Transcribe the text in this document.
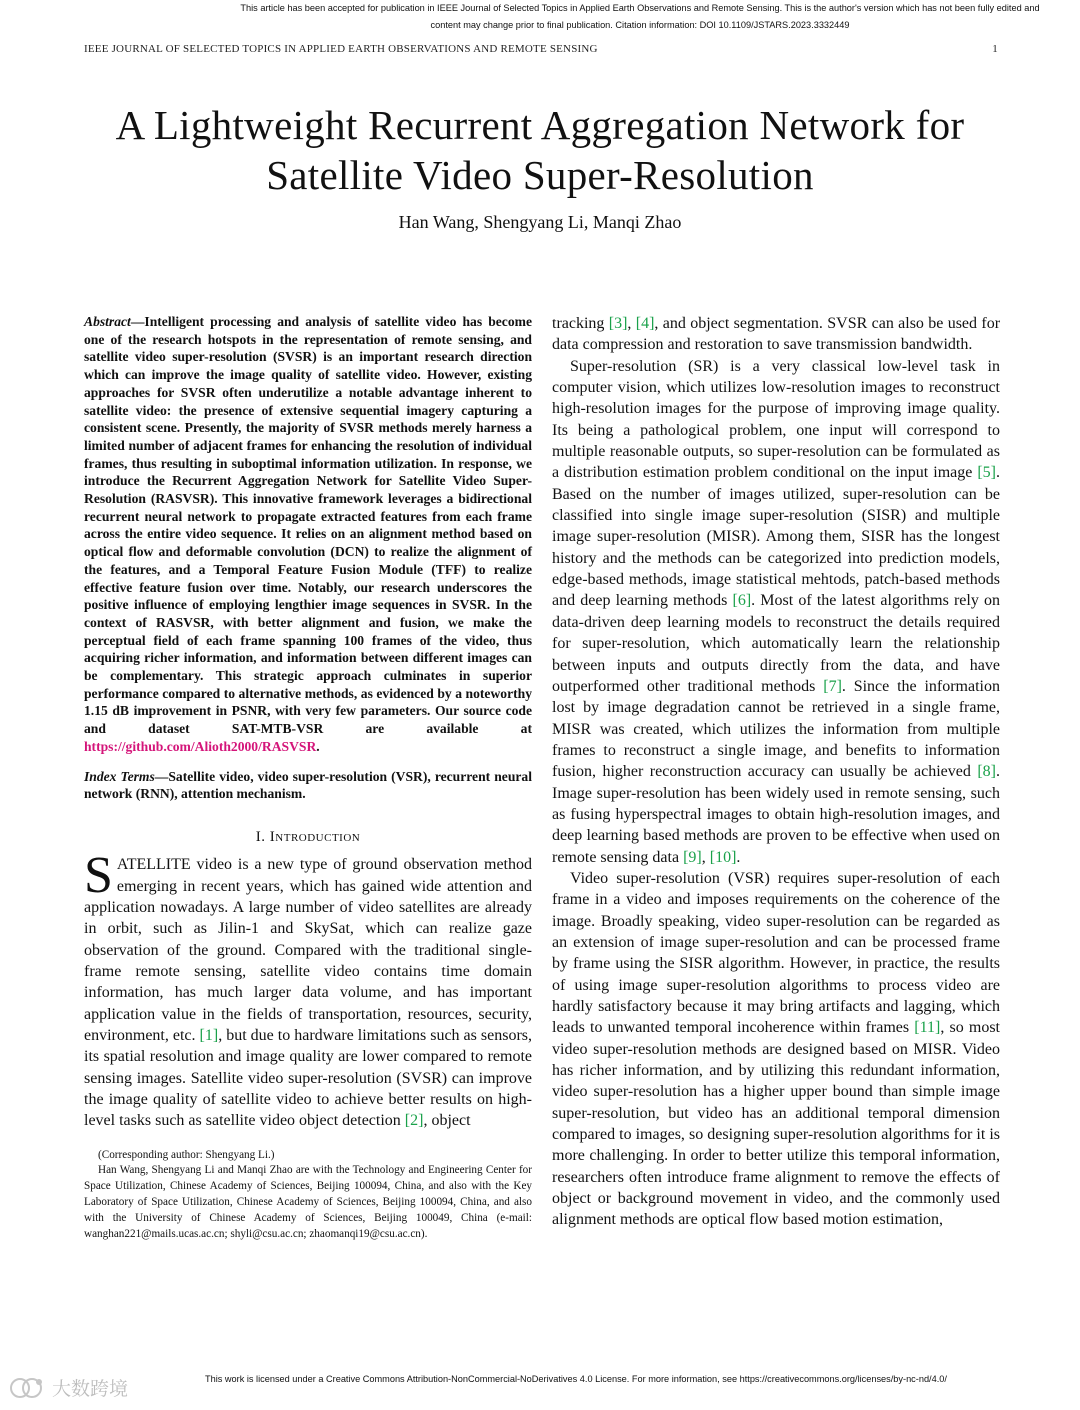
This article has been accepted for publication in IEEE Journal of Selected Topics in Applied Earth Observations and Remote Sensing. This is the author's version which has not been fully edited and
content may change prior to final publication. Citation information: DOI 10.1109/JSTARS.2023.3332449
IEEE JOURNAL OF SELECTED TOPICS IN APPLIED EARTH OBSERVATIONS AND REMOTE SENSING	1
A Lightweight Recurrent Aggregation Network for Satellite Video Super-Resolution
Han Wang, Shengyang Li, Manqi Zhao
Abstract—Intelligent processing and analysis of satellite video has become one of the research hotspots in the representation of remote sensing, and satellite video super-resolution (SVSR) is an important research direction which can improve the image quality of satellite video. However, existing approaches for SVSR often underutilize a notable advantage inherent to satellite video: the presence of extensive sequential imagery capturing a consistent scene. Presently, the majority of SVSR methods merely harness a limited number of adjacent frames for enhancing the resolution of individual frames, thus resulting in suboptimal information utilization. In response, we introduce the Recurrent Aggregation Network for Satellite Video Super-Resolution (RASVSR). This innovative framework leverages a bidirectional recurrent neural network to propagate extracted features from each frame across the entire video sequence. It relies on an alignment method based on optical flow and deformable convolution (DCN) to realize the alignment of the features, and a Temporal Feature Fusion Module (TFF) to realize effective feature fusion over time. Notably, our research underscores the positive influence of employing lengthier image sequences in SVSR. In the context of RASVSR, with better alignment and fusion, we make the perceptual field of each frame spanning 100 frames of the video, thus acquiring richer information, and information between different images can be complementary. This strategic approach culminates in superior performance compared to alternative methods, as evidenced by a noteworthy 1.15 dB improvement in PSNR, with very few parameters. Our source code and dataset SAT-MTB-VSR are available at https://github.com/Alioth2000/RASVSR.
Index Terms—Satellite video, video super-resolution (VSR), recurrent neural network (RNN), attention mechanism.
I. Introduction
SATELLITE video is a new type of ground observation method emerging in recent years, which has gained wide attention and application nowadays. A large number of video satellites are already in orbit, such as Jilin-1 and SkySat, which can realize gaze observation of the ground. Compared with the traditional single-frame remote sensing, satellite video contains time domain information, has much larger data volume, and has important application value in the fields of transportation, resources, security, environment, etc. [1], but due to hardware limitations such as sensors, its spatial resolution and image quality are lower compared to remote sensing images. Satellite video super-resolution (SVSR) can improve the image quality of satellite video to achieve better results on high-level tasks such as satellite video object detection [2], object
(Corresponding author: Shengyang Li.)
Han Wang, Shengyang Li and Manqi Zhao are with the Technology and Engineering Center for Space Utilization, Chinese Academy of Sciences, Beijing 100094, China, and also with the Key Laboratory of Space Utilization, Chinese Academy of Sciences, Beijing 100094, China, and also with the University of Chinese Academy of Sciences, Beijing 100049, China (e-mail: wanghan221@mails.ucas.ac.cn; shyli@csu.ac.cn; zhaomanqi19@csu.ac.cn).

tracking [3], [4], and object segmentation. SVSR can also be used for data compression and restoration to save transmission bandwidth.

Super-resolution (SR) is a very classical low-level task in computer vision, which utilizes low-resolution images to reconstruct high-resolution images for the purpose of improving image quality. Its being a pathological problem, one input will correspond to multiple reasonable outputs, so super-resolution can be formulated as a distribution estimation problem conditional on the input image [5]. Based on the number of images utilized, super-resolution can be classified into single image super-resolution (SISR) and multiple image super-resolution (MISR). Among them, SISR has the longest history and the methods can be categorized into prediction models, edge-based methods, image statistical mehtods, patch-based methods and deep learning methods [6]. Most of the latest algorithms rely on data-driven deep learning models to reconstruct the details required for super-resolution, which automatically learn the relationship between inputs and outputs directly from the data, and have outperformed other traditional methods [7]. Since the information lost by image degradation cannot be retrieved in a single frame, MISR was created, which utilizes the information from multiple frames to reconstruct a single image, and benefits to information fusion, higher reconstruction accuracy can usually be achieved [8]. Image super-resolution has been widely used in remote sensing, such as fusing hyperspectral images to obtain high-resolution images, and deep learning based methods are proven to be effective when used on remote sensing data [9], [10].

Video super-resolution (VSR) requires super-resolution of each frame in a video and imposes requirements on the coherence of the image. Broadly speaking, video super-resolution can be regarded as an extension of image super-resolution and can be processed frame by frame using the SISR algorithm. However, in practice, the results of using image super-resolution algorithms to process video are hardly satisfactory because it may bring artifacts and lagging, which leads to unwanted temporal incoherence within frames [11], so most video super-resolution methods are designed based on MISR. Video has richer information, and by utilizing this redundant information, video super-resolution has a higher upper bound than simple image super-resolution, but video has an additional temporal dimension compared to images, so designing super-resolution algorithms for it is more challenging. In order to better utilize this temporal information, researchers often introduce frame alignment to remove the effects of object or background movement in video, and the commonly used alignment methods are optical flow based motion estimation,

大数跨境	This work is licensed under a Creative Commons Attribution-NonCommercial-NoDerivatives 4.0 License. For more information, see https://creativecommons.org/licenses/by-nc-nd/4.0/
